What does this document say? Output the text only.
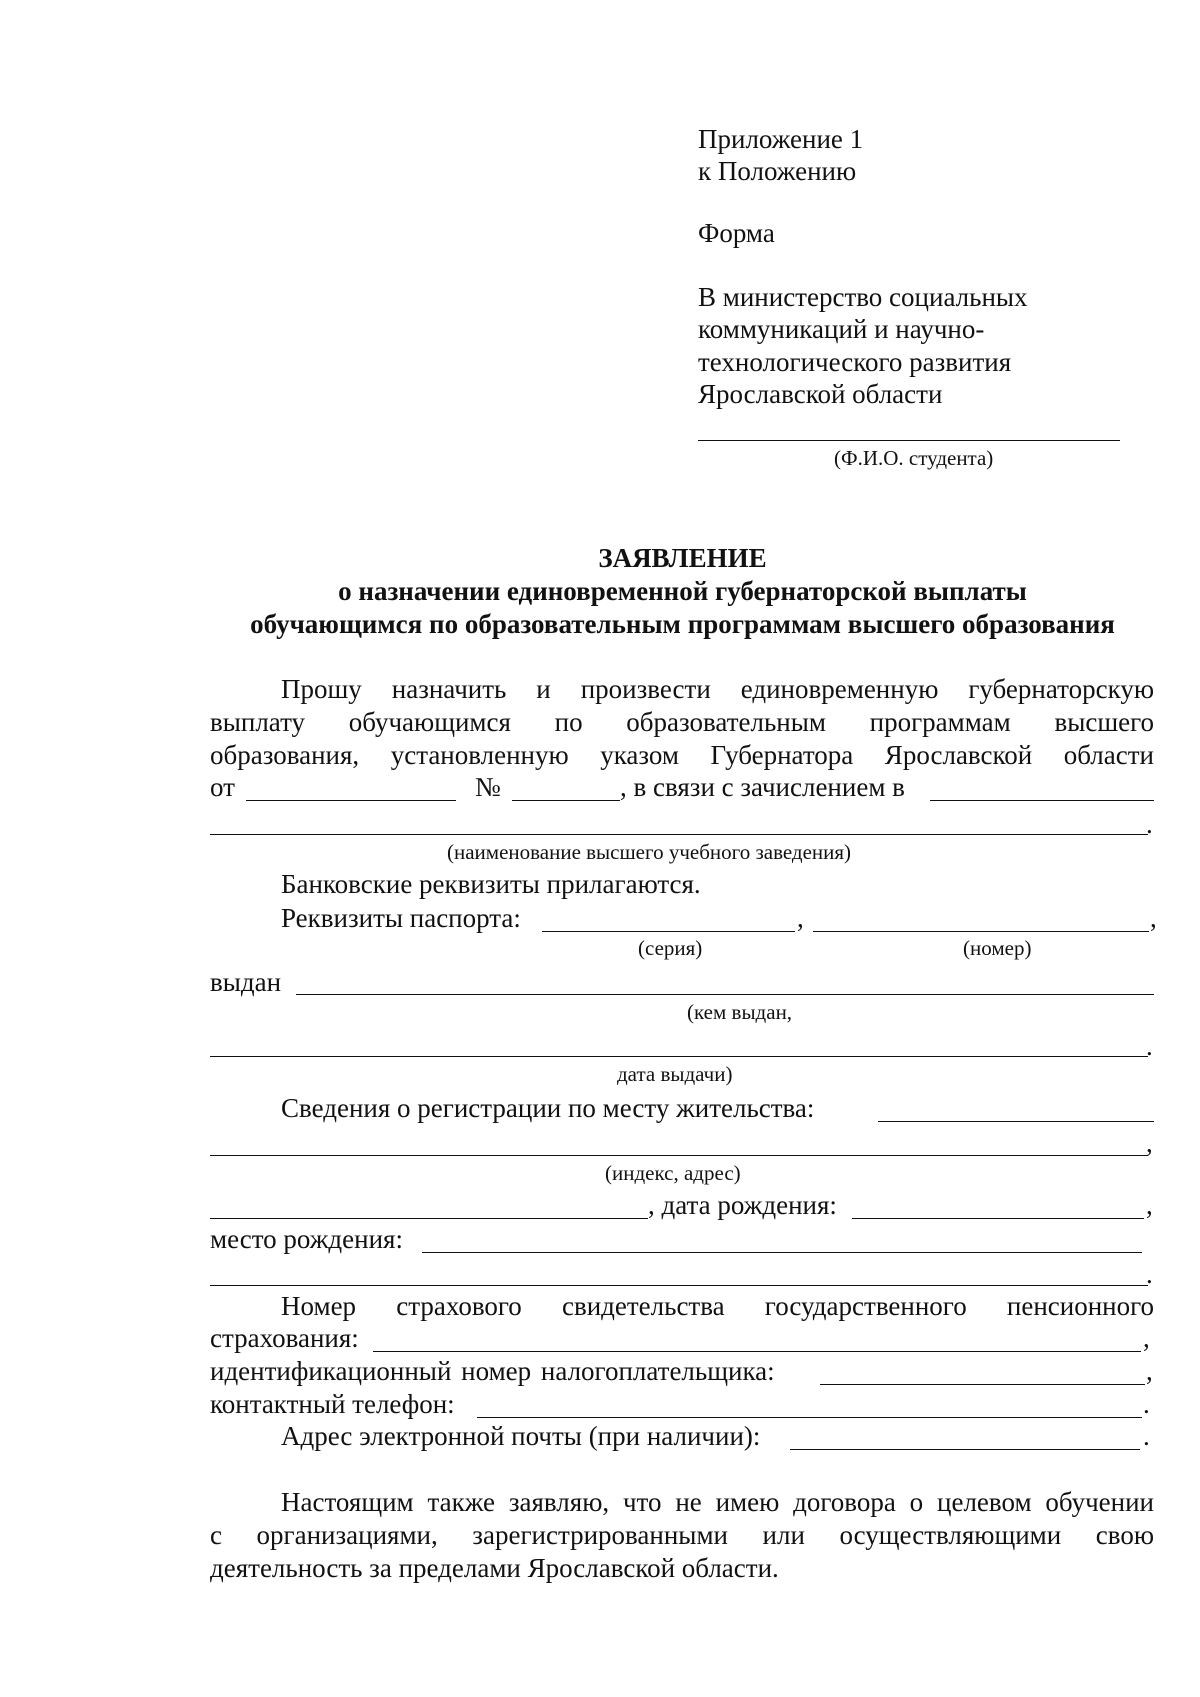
Приложение 1
к Положению
Форма
В министерство социальных
коммуникаций и научно-
технологического развития
Ярославской области
(Ф.И.О. студента)
ЗАЯВЛЕНИЕ
о назначении единовременной губернаторской выплаты
обучающимся по образовательным программам высшего образования
Прошу назначить и произвести единовременную губернаторскую
выплату обучающимся по образовательным программам высшего
образования, установленную указом Губернатора Ярославской области
от	№	, в связи с зачислением в
.
(наименование высшего учебного заведения)
Банковские реквизиты прилагаются.
Реквизиты паспорта:	,	,
(серия)	(номер)
выдан
(кем выдан,
.
дата выдачи)
Сведения о регистрации по месту жительства:
,
(индекс, адрес)
, дата рождения:	,
место рождения:
.
Номер страхового свидетельства государственного пенсионного
страхования:	,
идентификационный номер налогоплательщика:	,
контактный телефон:	.
Адрес электронной почты (при наличии):	.
Настоящим также заявляю, что не имею договора о целевом обучении
с организациями, зарегистрированными или осуществляющими свою
деятельность за пределами Ярославской области.
